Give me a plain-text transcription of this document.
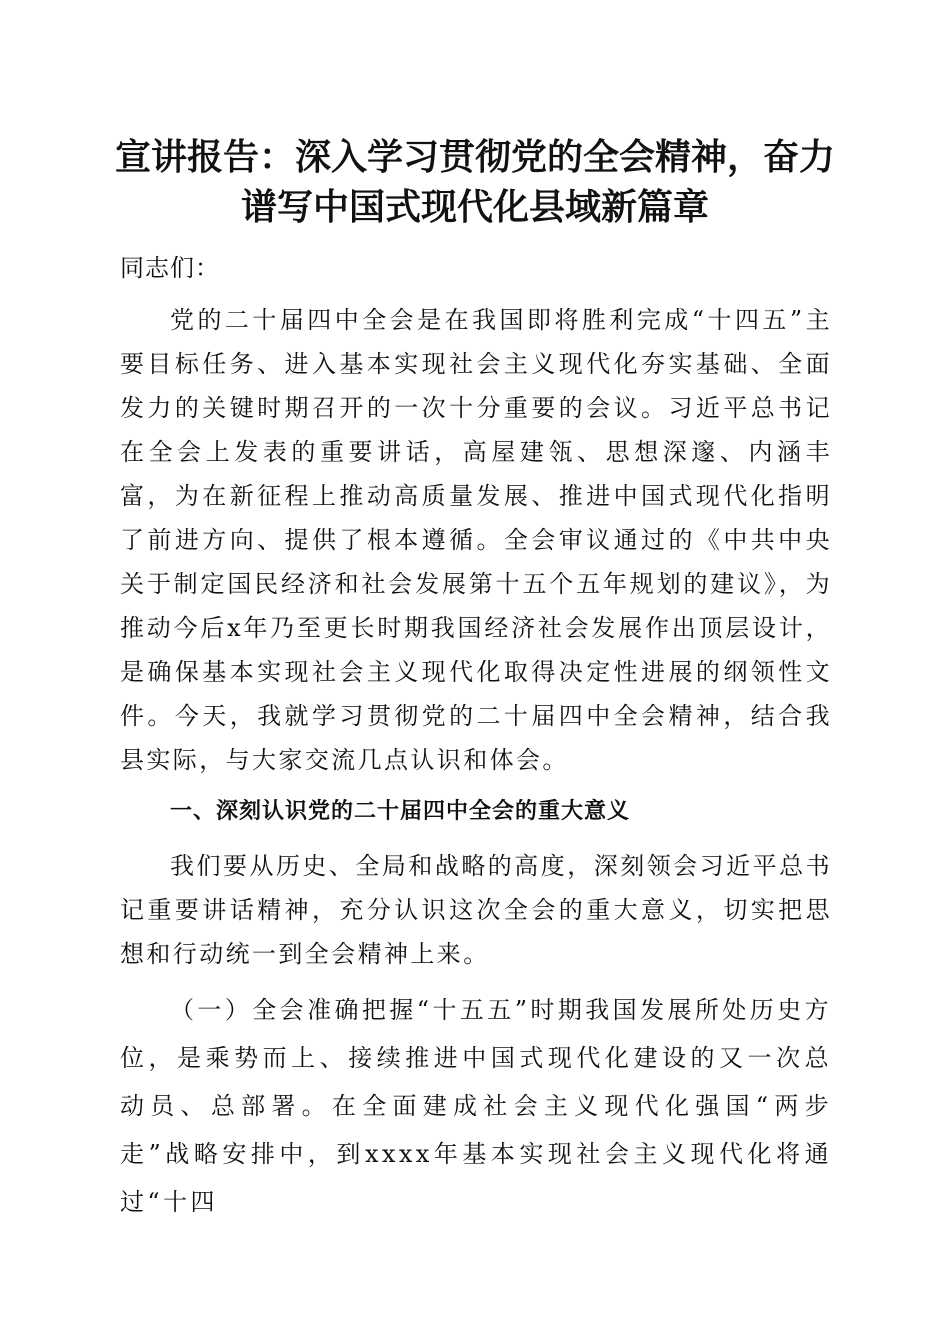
宣讲报告：深入学习贯彻党的全会精神，奋力
谱写中国式现代化县域新篇章

同志们：

党的二十届四中全会是在我国即将胜利完成“十四五”主要目标任务、进入基本实现社会主义现代化夯实基础、全面发力的关键时期召开的一次十分重要的会议。习近平总书记在全会上发表的重要讲话，高屋建瓴、思想深邃、内涵丰富，为在新征程上推动高质量发展、推进中国式现代化指明了前进方向、提供了根本遵循。全会审议通过的《中共中央关于制定国民经济和社会发展第十五个五年规划的建议》，为推动今后x年乃至更长时期我国经济社会发展作出顶层设计，是确保基本实现社会主义现代化取得决定性进展的纲领性文件。今天，我就学习贯彻党的二十届四中全会精神，结合我县实际，与大家交流几点认识和体会。

一、深刻认识党的二十届四中全会的重大意义

我们要从历史、全局和战略的高度，深刻领会习近平总书记重要讲话精神，充分认识这次全会的重大意义，切实把思想和行动统一到全会精神上来。

（一）全会准确把握“十五五”时期我国发展所处历史方位，是乘势而上、接续推进中国式现代化建设的又一次总动员、总部署。在全面建成社会主义现代化强国“两步走”战略安排中，到xxxx年基本实现社会主义现代化将通过“十四
